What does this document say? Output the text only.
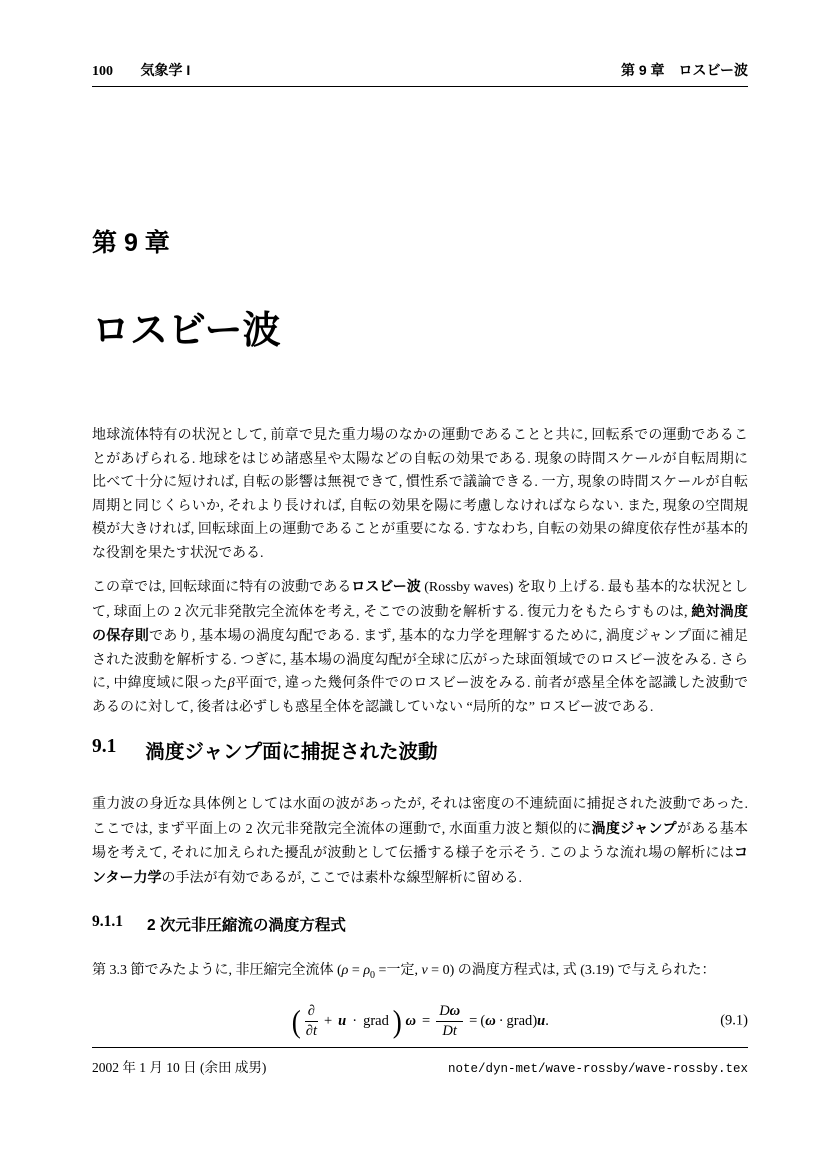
100 気象学 I	第 9 章　ロスビー波
第 9 章
ロスビー波
地球流体特有の状況として, 前章で見た重力場のなかの運動であることと共に, 回転系での運動であることがあげられる. 地球をはじめ諸惑星や太陽などの自転の効果である. 現象の時間スケールが自転周期に比べて十分に短ければ, 自転の影響は無視できて, 慣性系で議論できる. 一方, 現象の時間スケールが自転周期と同じくらいか, それより長ければ, 自転の効果を陽に考慮しなければならない. また, 現象の空間規模が大きければ, 回転球面上の運動であることが重要になる. すなわち, 自転の効果の緯度依存性が基本的な役割を果たす状況である.
この章では, 回転球面に特有の波動であるロスビー波 (Rossby waves) を取り上げる. 最も基本的な状況として, 球面上の 2 次元非発散完全流体を考え, そこでの波動を解析する. 復元力をもたらすものは, 絶対渦度の保存則であり, 基本場の渦度勾配である. まず, 基本的な力学を理解するために, 渦度ジャンプ面に補足された波動を解析する. つぎに, 基本場の渦度勾配が全球に広がった球面領域でのロスビー波をみる. さらに, 中緯度域に限ったβ平面で, 違った幾何条件でのロスビー波をみる. 前者が惑星全体を認識した波動であるのに対して, 後者は必ずしも惑星全体を認識していない “局所的な” ロスビー波である.
9.1 渦度ジャンプ面に捕捉された波動
重力波の身近な具体例としては水面の波があったが, それは密度の不連続面に捕捉された波動であった. ここでは, まず平面上の 2 次元非発散完全流体の運動で, 水面重力波と類似的に渦度ジャンプがある基本場を考えて, それに加えられた擾乱が波動として伝播する様子を示そう. このような流れ場の解析にはコンター力学の手法が有効であるが, ここでは素朴な線型解析に留める.
9.1.1 2 次元非圧縮流の渦度方程式
第 3.3 節でみたように, 非圧縮完全流体 ($\rho = \rho_0$ =一定, ν = 0) の渦度方程式は, 式 (3.19) で与えられた：
( $\frac{\partial}{\partial t} + u$ · grad ) $\omega = \frac{D\omega}{Dt}$ = ( ω · grad ) u .	(9.1)
2002 年 1 月 10 日 (余田 成男)	note/dyn-met/wave-rossby/wave-rossby.tex
